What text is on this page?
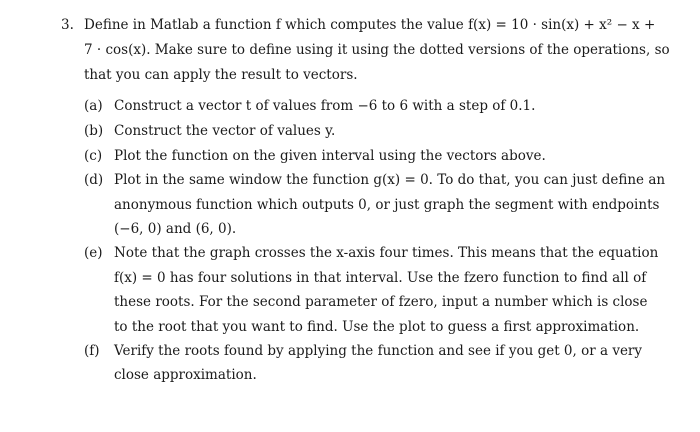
3. Define in Matlab a function f which computes the value f(x) = 10 · sin(x) + x² − x +
7 · cos(x). Make sure to define using it using the dotted versions of the operations, so
that you can apply the result to vectors.
(a) Construct a vector t of values from −6 to 6 with a step of 0.1.
(b) Construct the vector of values y.
(c) Plot the function on the given interval using the vectors above.
(d) Plot in the same window the function g(x) = 0. To do that, you can just define an
anonymous function which outputs 0, or just graph the segment with endpoints
(−6, 0) and (6, 0).
(e) Note that the graph crosses the x-axis four times. This means that the equation
f(x) = 0 has four solutions in that interval. Use the fzero function to find all of
these roots. For the second parameter of fzero, input a number which is close
to the root that you want to find. Use the plot to guess a first approximation.
(f) Verify the roots found by applying the function and see if you get 0, or a very
close approximation.
